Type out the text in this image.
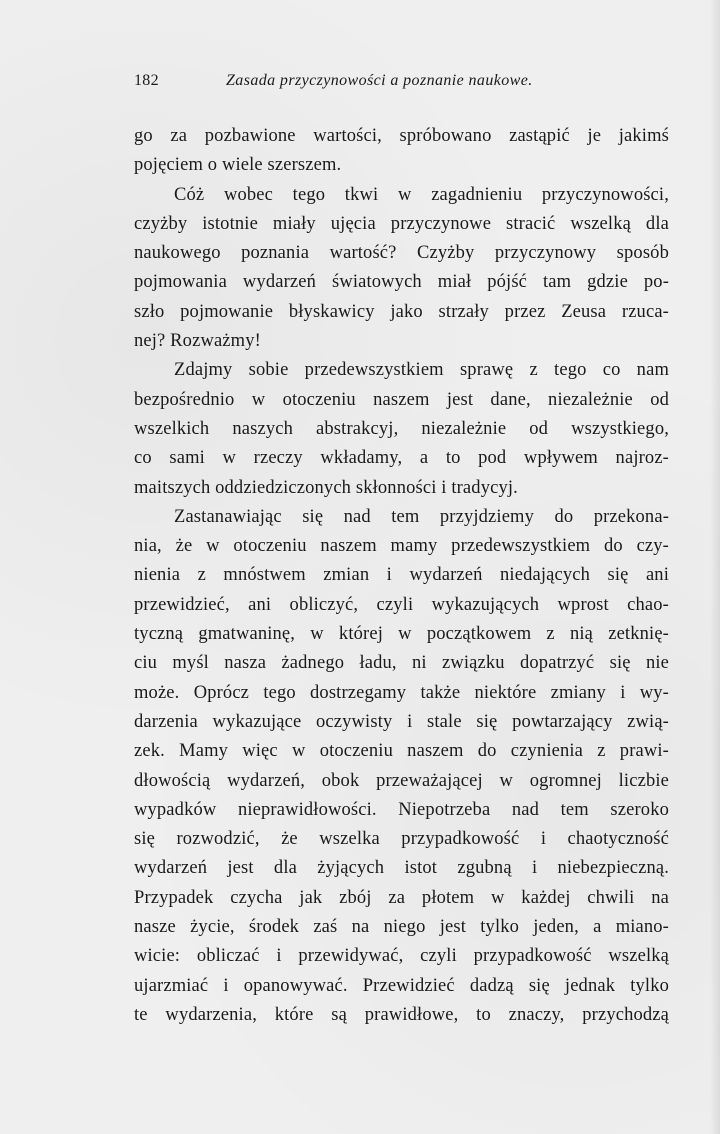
182	Zasada przyczynowości a poznanie naukowe.
go za pozbawione wartości, spróbowano zastąpić je jakimś
pojęciem o wiele szerszem.
Cóż wobec tego tkwi w zagadnieniu przyczynowości,
czyżby istotnie miały ujęcia przyczynowe stracić wszelką dla
naukowego poznania wartość? Czyżby przyczynowy sposób
pojmowania wydarzeń światowych miał pójść tam gdzie po-
szło pojmowanie błyskawicy jako strzały przez Zeusa rzuca-
nej? Rozważmy!
Zdajmy sobie przedewszystkiem sprawę z tego co nam
bezpośrednio w otoczeniu naszem jest dane, niezależnie od
wszelkich naszych abstrakcyj, niezależnie od wszystkiego,
co sami w rzeczy wkładamy, a to pod wpływem najroz-
maitszych oddziedziczonych skłonności i tradycyj.
Zastanawiając się nad tem przyjdziemy do przekona-
nia, że w otoczeniu naszem mamy przedewszystkiem do czy-
nienia z mnóstwem zmian i wydarzeń niedających się ani
przewidzieć, ani obliczyć, czyli wykazujących wprost chao-
tyczną gmatwaninę, w której w początkowem z nią zetknię-
ciu myśl nasza żadnego ładu, ni związku dopatrzyć się nie
może. Oprócz tego dostrzegamy także niektóre zmiany i wy-
darzenia wykazujące oczywisty i stale się powtarzający zwią-
zek. Mamy więc w otoczeniu naszem do czynienia z prawi-
dłowością wydarzeń, obok przeważającej w ogromnej liczbie
wypadków nieprawidłowości. Niepotrzeba nad tem szeroko
się rozwodzić, że wszelka przypadkowość i chaotyczność
wydarzeń jest dla żyjących istot zgubną i niebezpieczną.
Przypadek czycha jak zbój za płotem w każdej chwili na
nasze życie, środek zaś na niego jest tylko jeden, a miano-
wicie: obliczać i przewidywać, czyli przypadkowość wszelką
ujarzmiać i opanowywać. Przewidzieć dadzą się jednak tylko
te wydarzenia, które są prawidłowe, to znaczy, przychodzą
